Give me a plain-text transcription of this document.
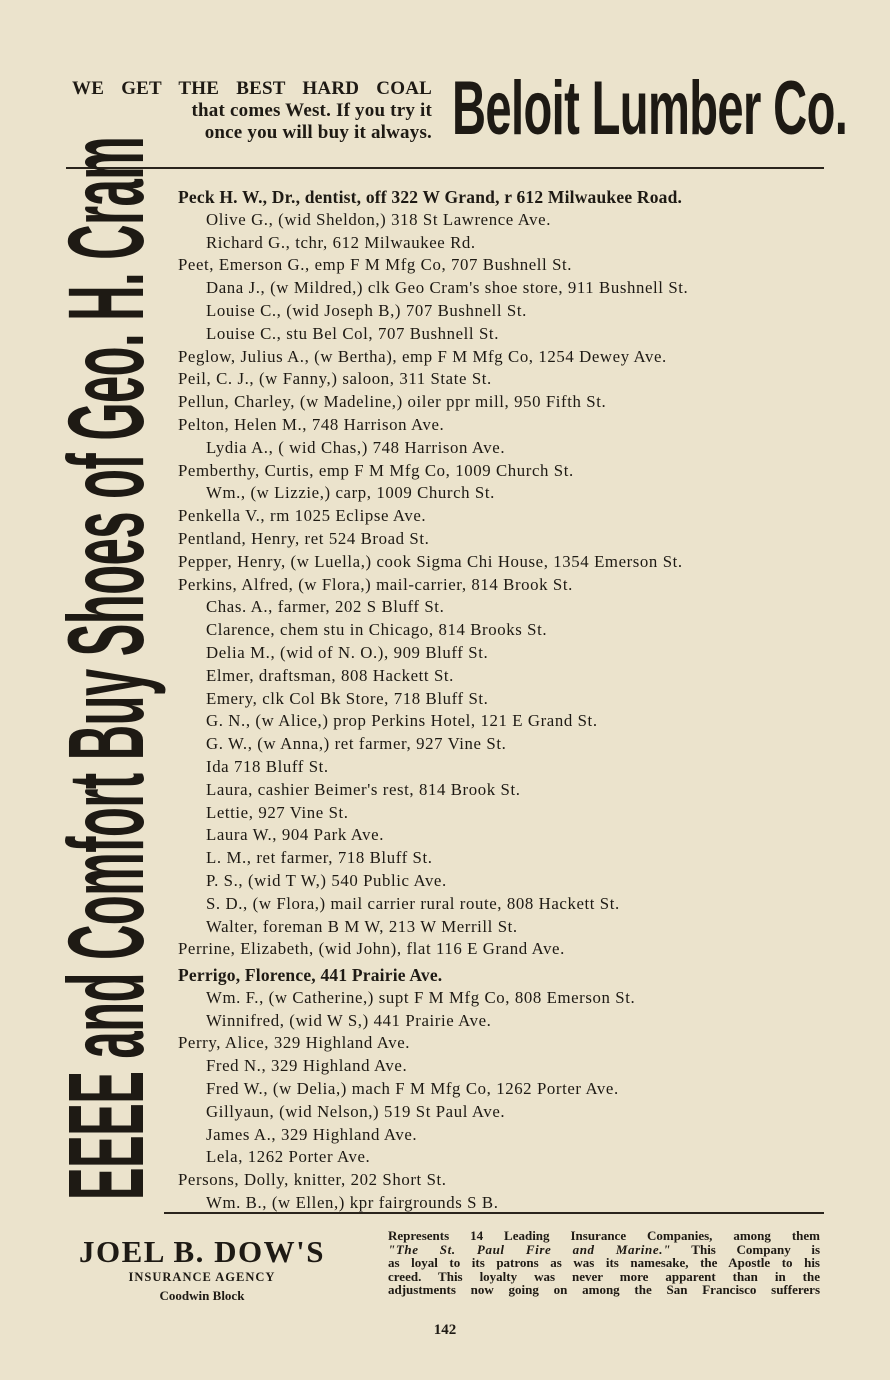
WE GET THE BEST HARD COAL
that comes West. If you try it
once you will buy it always. Beloit Lumber Co.
EEEE and Comfort Buy Shoes of Geo. H. Cram Peck H. W., Dr., dentist, off 322 W Grand, r 612 Milwaukee Road.
Olive G., (wid Sheldon,) 318 St Lawrence Ave.
Richard G., tchr, 612 Milwaukee Rd.
Peet, Emerson G., emp F M Mfg Co, 707 Bushnell St.
Dana J., (w Mildred,) clk Geo Cram's shoe store, 911 Bushnell St.
Louise C., (wid Joseph B,) 707 Bushnell St.
Louise C., stu Bel Col, 707 Bushnell St.
Peglow, Julius A., (w Bertha), emp F M Mfg Co, 1254 Dewey Ave.
Peil, C. J., (w Fanny,) saloon, 311 State St.
Pellun, Charley, (w Madeline,) oiler ppr mill, 950 Fifth St.
Pelton, Helen M., 748 Harrison Ave.
Lydia A., ( wid Chas,) 748 Harrison Ave.
Pemberthy, Curtis, emp F M Mfg Co, 1009 Church St.
Wm., (w Lizzie,) carp, 1009 Church St.
Penkella V., rm 1025 Eclipse Ave.
Pentland, Henry, ret 524 Broad St.
Pepper, Henry, (w Luella,) cook Sigma Chi House, 1354 Emerson St.
Perkins, Alfred, (w Flora,) mail-carrier, 814 Brook St.
Chas. A., farmer, 202 S Bluff St.
Clarence, chem stu in Chicago, 814 Brooks St.
Delia M., (wid of N. O.), 909 Bluff St.
Elmer, draftsman, 808 Hackett St.
Emery, clk Col Bk Store, 718 Bluff St.
G. N., (w Alice,) prop Perkins Hotel, 121 E Grand St.
G. W., (w Anna,) ret farmer, 927 Vine St.
Ida 718 Bluff St.
Laura, cashier Beimer's rest, 814 Brook St.
Lettie, 927 Vine St.
Laura W., 904 Park Ave.
L. M., ret farmer, 718 Bluff St.
P. S., (wid T W,) 540 Public Ave.
S. D., (w Flora,) mail carrier rural route, 808 Hackett St.
Walter, foreman B M W, 213 W Merrill St.
Perrine, Elizabeth, (wid John), flat 116 E Grand Ave.
Perrigo, Florence, 441 Prairie Ave.
Wm. F., (w Catherine,) supt F M Mfg Co, 808 Emerson St.
Winnifred, (wid W S,) 441 Prairie Ave.
Perry, Alice, 329 Highland Ave.
Fred N., 329 Highland Ave.
Fred W., (w Delia,) mach F M Mfg Co, 1262 Porter Ave.
Gillyaun, (wid Nelson,) 519 St Paul Ave.
James A., 329 Highland Ave.
Lela, 1262 Porter Ave.
Persons, Dolly, knitter, 202 Short St.
Wm. B., (w Ellen,) kpr fairgrounds S B.
JOEL B. DOW'S
INSURANCE AGENCY
Coodwin Block
Represents 14 Leading Insurance Companies, among them
"The St. Paul Fire and Marine." This Company is
as loyal to its patrons as was its namesake, the Apostle to his
creed. This loyalty was never more apparent than in the
adjustments now going on among the San Francisco sufferers
142
